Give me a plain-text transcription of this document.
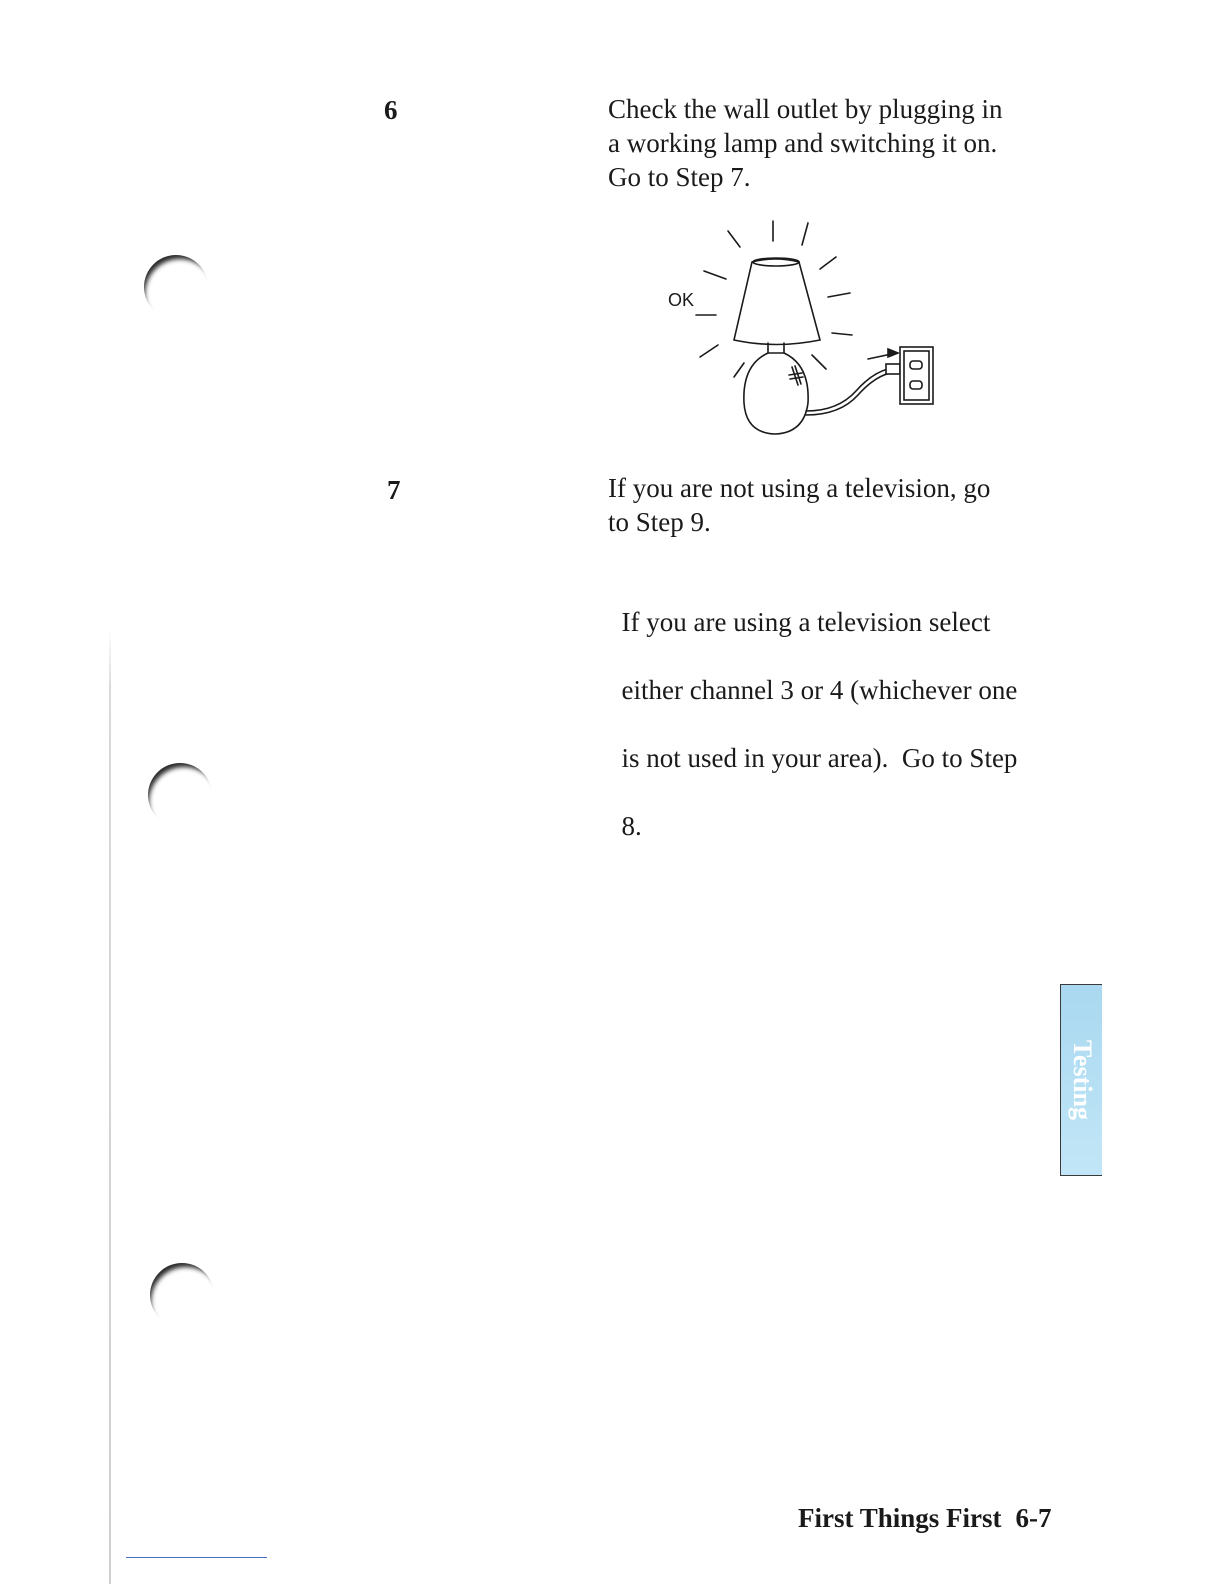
6	Check the wall outlet by plugging in
a working lamp and switching it on.
Go to Step 7.

OK
7	If you are not using a television, go
to Step 9.

If you are using a television select

either channel 3 or 4 (whichever one

is not used in your area).  Go to Step

8.

Testing
First Things First 6-7
